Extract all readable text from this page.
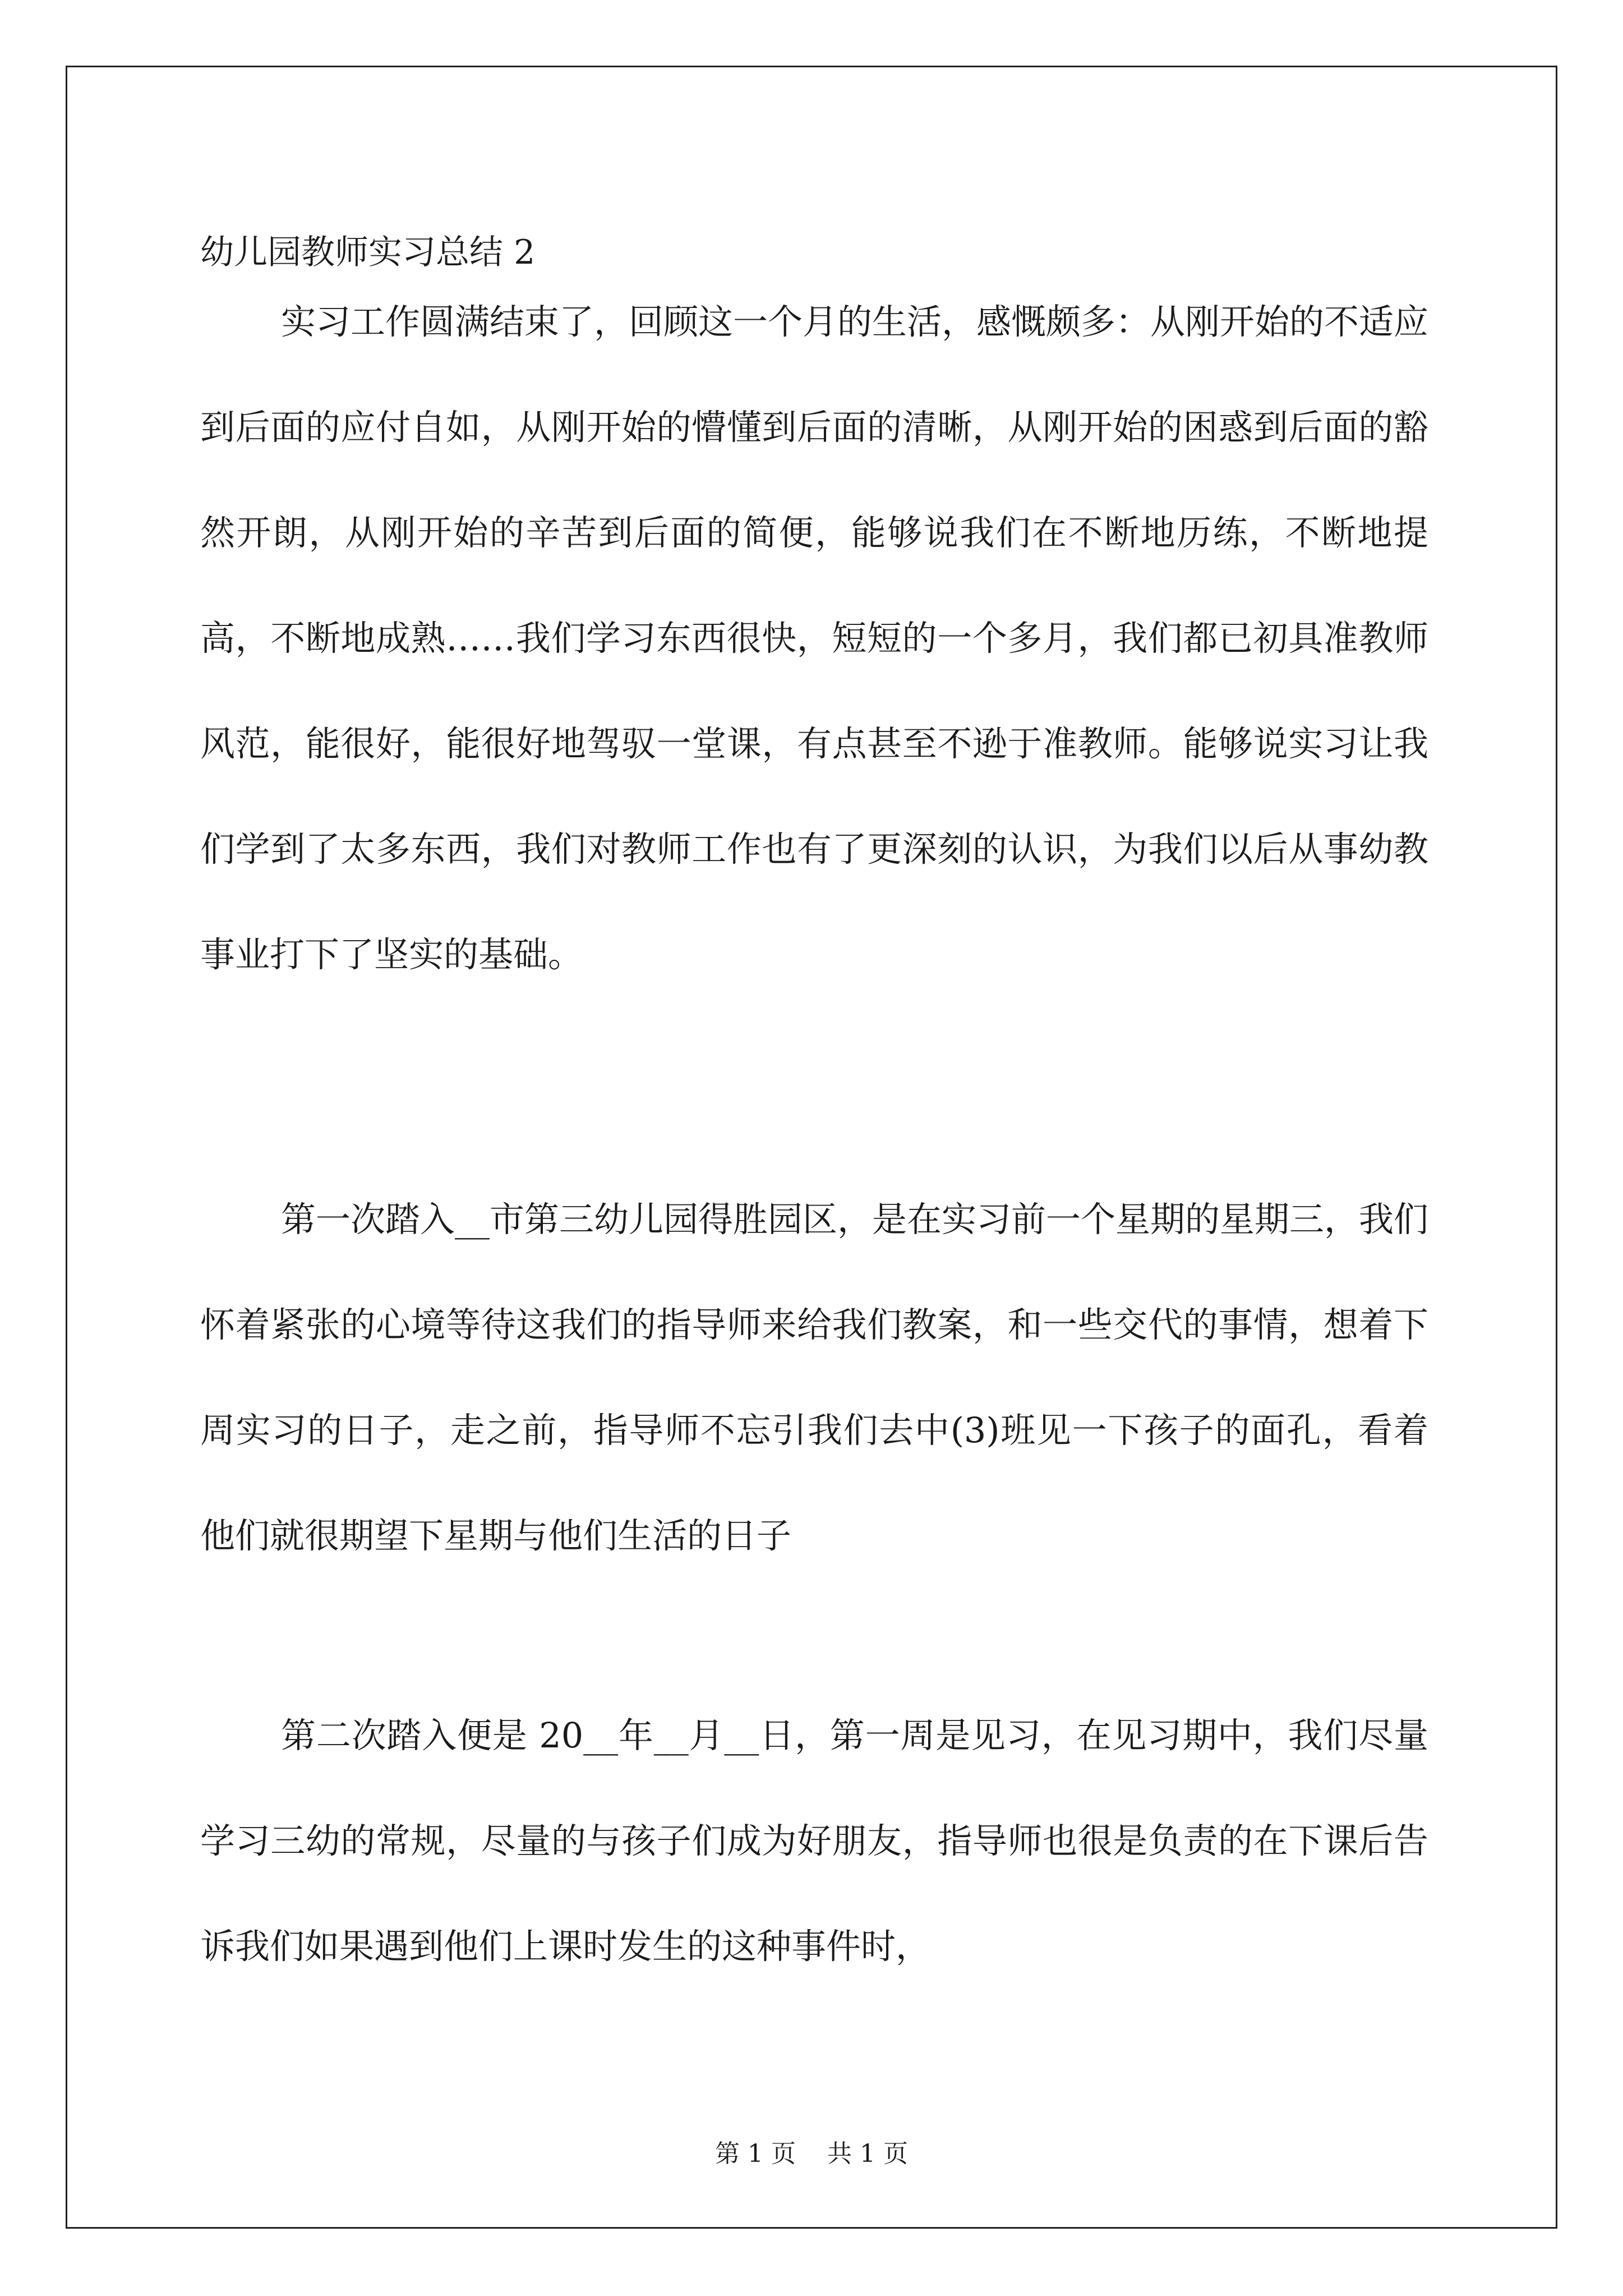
幼儿园教师实习总结 2

实习工作圆满结束了，回顾这一个月的生活，感慨颇多：从刚开始的不适应到后面的应付自如，从刚开始的懵懂到后面的清晰，从刚开始的困惑到后面的豁然开朗，从刚开始的辛苦到后面的简便，能够说我们在不断地历练，不断地提高，不断地成熟……我们学习东西很快，短短的一个多月，我们都已初具准教师风范，能很好，能很好地驾驭一堂课，有点甚至不逊于准教师。能够说实习让我们学到了太多东西，我们对教师工作也有了更深刻的认识，为我们以后从事幼教事业打下了坚实的基础。

第一次踏入__市第三幼儿园得胜园区，是在实习前一个星期的星期三，我们怀着紧张的心境等待这我们的指导师来给我们教案，和一些交代的事情，想着下周实习的日子，走之前，指导师不忘引我们去中(3)班见一下孩子的面孔，看着他们就很期望下星期与他们生活的日子

第二次踏入便是 20__年__月__日，第一周是见习，在见习期中，我们尽量学习三幼的常规，尽量的与孩子们成为好朋友，指导师也很是负责的在下课后告诉我们如果遇到他们上课时发生的这种事件时，

第 1 页 共 1 页
